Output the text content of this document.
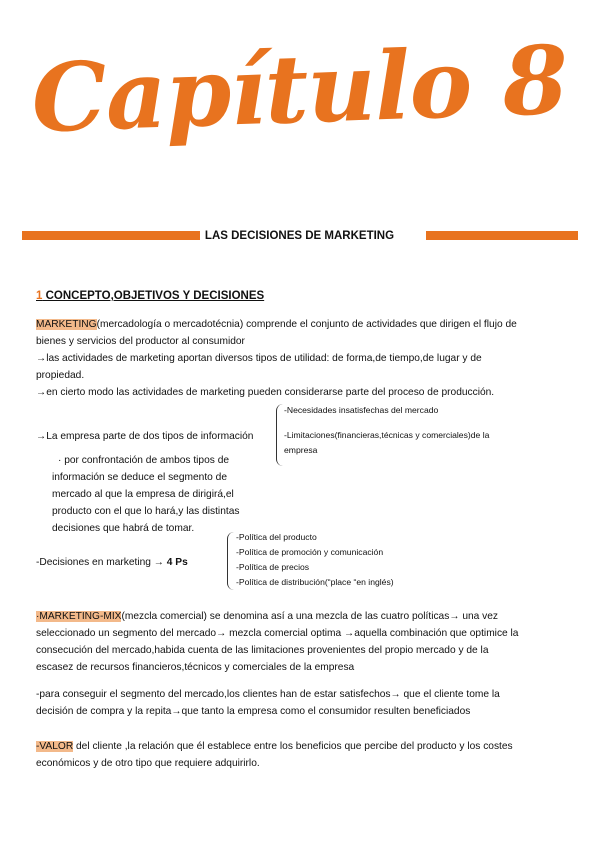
Capítulo 8
LAS DECISIONES DE MARKETING
1 CONCEPTO,OBJETIVOS Y DECISIONES
MARKETING(mercadología o mercadotécnia) comprende el conjunto de actividades que dirigen el flujo de
bienes y servicios del productor al consumidor
→las actividades de marketing aportan diversos tipos de utilidad: de forma,de tiempo,de lugar y de
propiedad.
→en cierto modo las actividades de marketing pueden considerarse parte del proceso de producción.
→La empresa parte de dos tipos de información
-Necesidades insatisfechas del mercado
-Limitaciones(financieras,técnicas y comerciales)de la
empresa
· por confrontación de ambos tipos de
información se deduce el segmento de
mercado al que la empresa de dirigirá,el
producto con el que lo hará,y las distintas
decisiones que habrá de tomar.
-Decisiones en marketing → 4 Ps
-Política del producto
-Política de promoción y comunicación
-Política de precios
-Política de distribución(“place “en inglés)
·MARKETING-MIX(mezcla comercial) se denomina así a una mezcla de las cuatro políticas→ una vez
seleccionado un segmento del mercado→ mezcla comercial optima →aquella combinación que optimice la
consecución del mercado,habida cuenta de las limitaciones provenientes del propio mercado y de la
escasez de recursos financieros,técnicos y comerciales de la empresa
-para conseguir el segmento del mercado,los clientes han de estar satisfechos→ que el cliente tome la
decisión de compra y la repita→que tanto la empresa como el consumidor resulten beneficiados
-VALOR del cliente ,la relación que él establece entre los beneficios que percibe del producto y los costes
económicos y de otro tipo que requiere adquirirlo.
